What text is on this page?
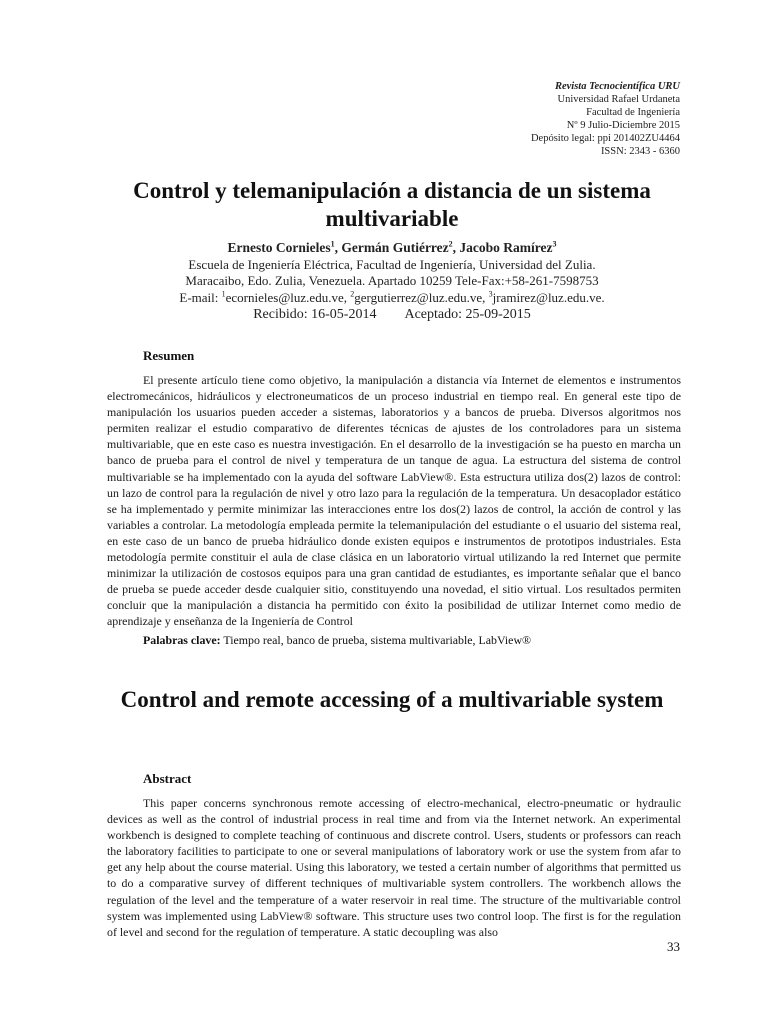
Revista Tecnocientífica URU
Universidad Rafael Urdaneta
Facultad de Ingeniería
Nº 9 Julio-Diciembre 2015
Depósito legal: ppi 201402ZU4464
ISSN: 2343 - 6360
Control y telemanipulación a distancia de un sistema multivariable
Ernesto Cornieles$^1$, Germán Gutiérrez$^2$, Jacobo Ramírez$^3$
Escuela de Ingeniería Eléctrica, Facultad de Ingeniería, Universidad del Zulia.
Maracaibo, Edo. Zulia, Venezuela. Apartado 10259 Tele-Fax:+58-261-7598753
E-mail: $^1$ecornieles@luz.edu.ve, $^2$gergutierrez@luz.edu.ve, $^3$jramirez@luz.edu.ve.
Recibido: 16-05-2014 Aceptado: 25-09-2015
Resumen
El presente artículo tiene como objetivo, la manipulación a distancia vía Internet de elementos e instrumentos electromecánicos, hidráulicos y electroneumaticos de un proceso industrial en tiempo real. En general este tipo de manipulación los usuarios pueden acceder a sistemas, laboratorios y a bancos de prueba. Diversos algoritmos nos permiten realizar el estudio comparativo de diferentes técnicas de ajustes de los controladores para un sistema multivariable, que en este caso es nuestra investigación. En el desarrollo de la investigación se ha puesto en marcha un banco de prueba para el control de nivel y temperatura de un tanque de agua. La estructura del sistema de control multivariable se ha implementado con la ayuda del software LabView®. Esta estructura utiliza dos(2) lazos de control: un lazo de control para la regulación de nivel y otro lazo para la regulación de la temperatura. Un desacoplador estático se ha implementado y permite minimizar las interacciones entre los dos(2) lazos de control, la acción de control y las variables a controlar. La metodología empleada permite la telemanipulación del estudiante o el usuario del sistema real, en este caso de un banco de prueba hidráulico donde existen equipos e instrumentos de prototipos industriales. Esta metodología permite constituir el aula de clase clásica en un laboratorio virtual utilizando la red Internet que permite minimizar la utilización de costosos equipos para una gran cantidad de estudiantes, es importante señalar que el banco de prueba se puede acceder desde cualquier sitio, constituyendo una novedad, el sitio virtual. Los resultados permiten concluir que la manipulación a distancia ha permitido con éxito la posibilidad de utilizar Internet como medio de aprendizaje y enseñanza de la Ingeniería de Control
Palabras clave: Tiempo real, banco de prueba, sistema multivariable, LabView®
Control and remote accessing of a multivariable system
Abstract
This paper concerns synchronous remote accessing of electro-mechanical, electro-pneumatic or hydraulic devices as well as the control of industrial process in real time and from via the Internet network. An experimental workbench is designed to complete teaching of continuous and discrete control. Users, students or professors can reach the laboratory facilities to participate to one or several manipulations of laboratory work or use the system from afar to get any help about the course material. Using this laboratory, we tested a certain number of algorithms that permitted us to do a comparative survey of different techniques of multivariable system controllers. The workbench allows the regulation of the level and the temperature of a water reservoir in real time. The structure of the multivariable control system was implemented using LabView® software. This structure uses two control loop. The first is for the regulation of level and second for the regulation of temperature. A static decoupling was also
33
